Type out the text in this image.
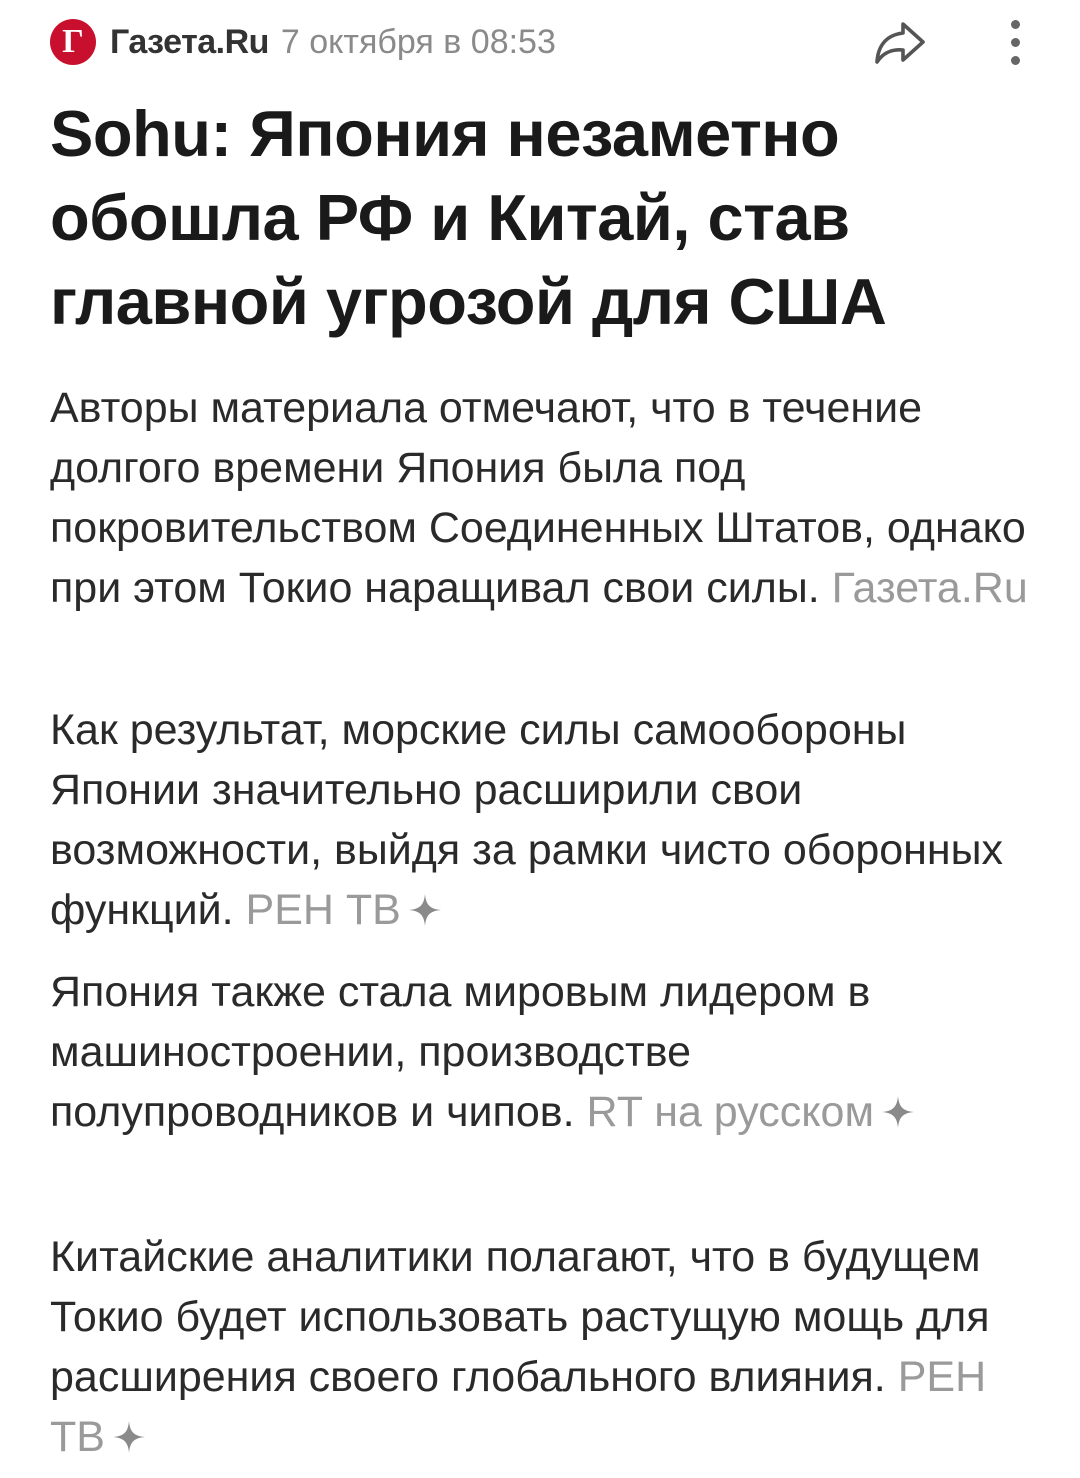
Г Газета.Ru 7 октября в 08:53
Sohu: Япония незаметно обошла РФ и Китай, став главной угрозой для США

Авторы материала отмечают, что в течение долгого времени Япония была под покровительством Соединенных Штатов, однако при этом Токио наращивал свои силы. Газета.Ru

Как результат, морские силы самообороны Японии значительно расширили свои возможности, выйдя за рамки чисто оборонных функций. РЕН ТВ

Япония также стала мировым лидером в машиностроении, производстве полупроводников и чипов. RT на русском

Китайские аналитики полагают, что в будущем Токио будет использовать растущую мощь для расширения своего глобального влияния. РЕН ТВ
